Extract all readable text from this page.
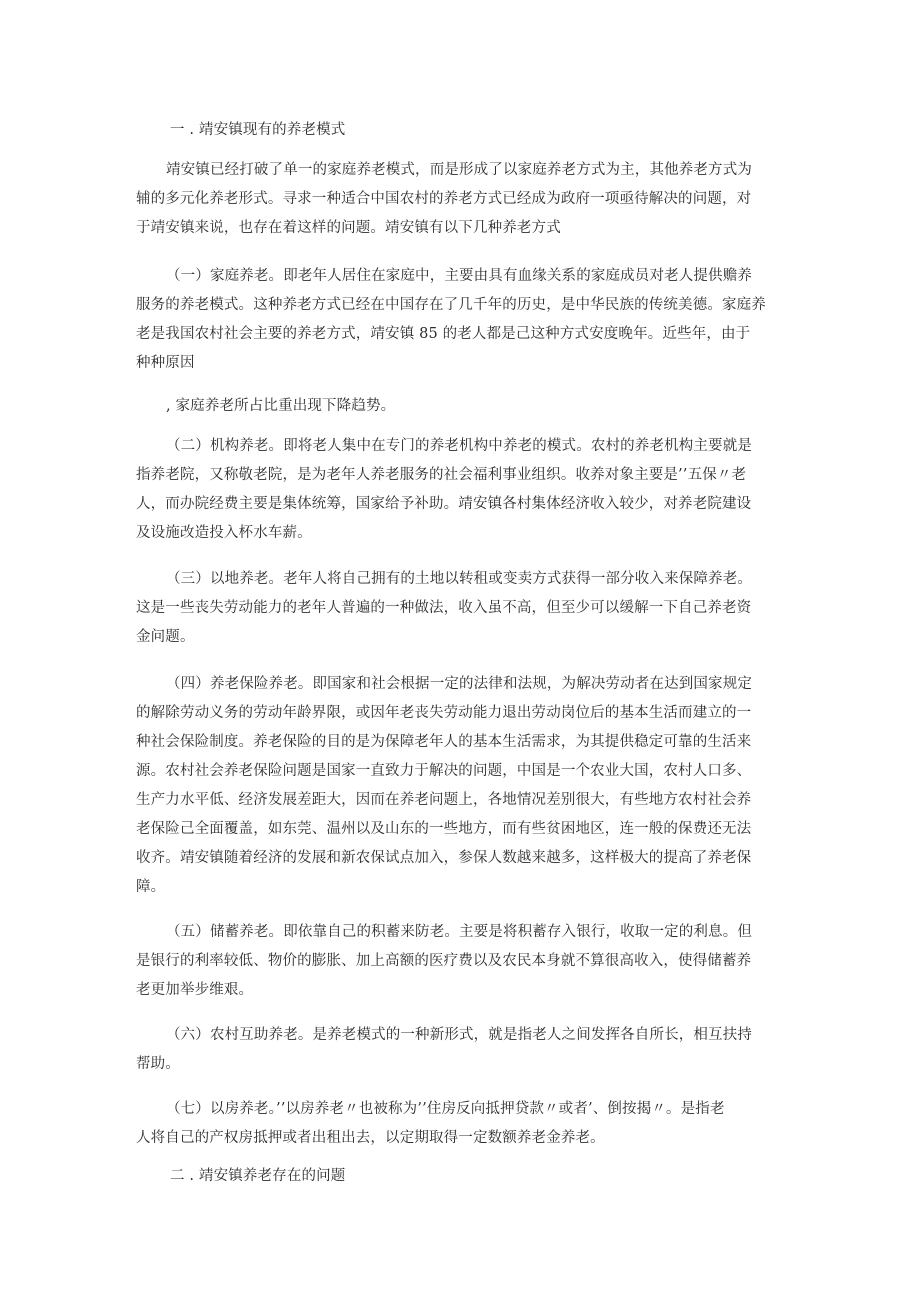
一 . 靖安镇现有的养老模式
靖安镇已经打破了单一的家庭养老模式，而是形成了以家庭养老方式为主，其他养老方式为
辅的多元化养老形式。寻求一种适合中国农村的养老方式已经成为政府一项亟待解决的问题，对
于靖安镇来说，也存在着这样的问题。靖安镇有以下几种养老方式
（一）家庭养老。即老年人居住在家庭中，主要由具有血缘关系的家庭成员对老人提供赡养
服务的养老模式。这种养老方式已经在中国存在了几千年的历史，是中华民族的传统美德。家庭养
老是我国农村社会主要的养老方式，靖安镇 85 的老人都是己这种方式安度晚年。近些年，由于
种种原因
, 家庭养老所占比重出现下降趋势。
（二）机构养老。即将老人集中在专门的养老机构中养老的模式。农村的养老机构主要就是
指养老院，又称敬老院，是为老年人养老服务的社会福利事业组织。收养对象主要是’’五保〃老
人，而办院经费主要是集体统筹，国家给予补助。靖安镇各村集体经济收入较少，对养老院建设
及设施改造投入杯水车薪。
（三）以地养老。老年人将自己拥有的土地以转租或变卖方式获得一部分收入来保障养老。
这是一些丧失劳动能力的老年人普遍的一种做法，收入虽不高，但至少可以缓解一下自己养老资
金问题。
（四）养老保险养老。即国家和社会根据一定的法律和法规，为解决劳动者在达到国家规定
的解除劳动义务的劳动年龄界限，或因年老丧失劳动能力退出劳动岗位后的基本生活而建立的一
种社会保险制度。养老保险的目的是为保障老年人的基本生活需求，为其提供稳定可靠的生活来
源。农村社会养老保险问题是国家一直致力于解决的问题，中国是一个农业大国，农村人口多、
生产力水平低、经济发展差距大，因而在养老问题上，各地情况差别很大，有些地方农村社会养
老保险己全面覆盖，如东莞、温州以及山东的一些地方，而有些贫困地区，连一般的保费还无法
收齐。靖安镇随着经济的发展和新农保试点加入，参保人数越来越多，这样极大的提高了养老保
障。
（五）储蓄养老。即依靠自己的积蓄来防老。主要是将积蓄存入银行，收取一定的利息。但
是银行的利率较低、物价的膨胀、加上高额的医疗费以及农民本身就不算很高收入，使得储蓄养
老更加举步维艰。
（六）农村互助养老。是养老模式的一种新形式，就是指老人之间发挥各自所长，相互扶持
帮助。
（七）以房养老。’’以房养老〃也被称为’’住房反向抵押贷款〃或者’、倒按揭〃。是指老
人将自己的产权房抵押或者出租出去，以定期取得一定数额养老金养老。
二 . 靖安镇养老存在的问题
